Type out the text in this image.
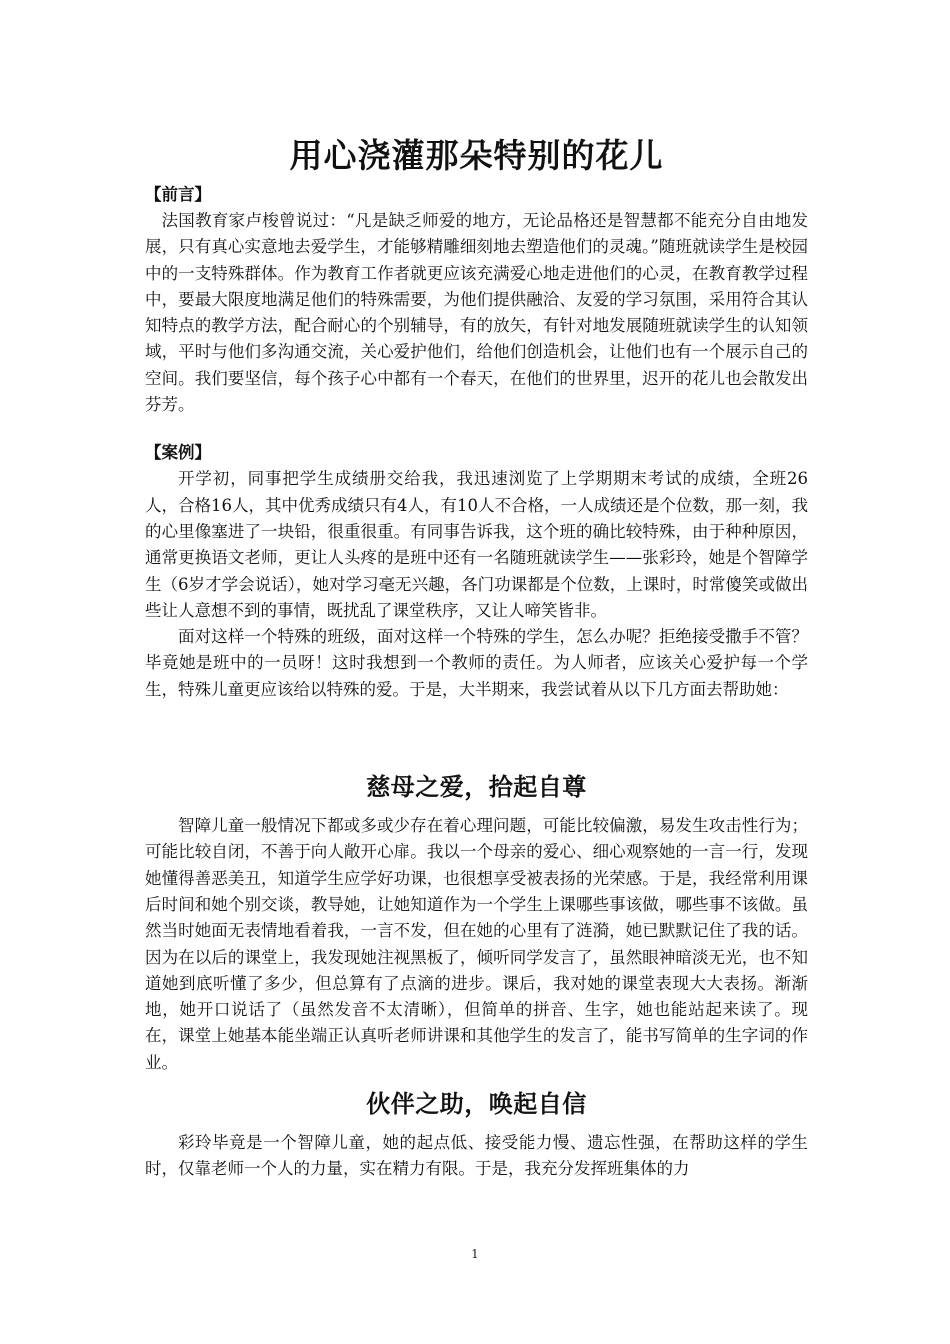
用心浇灌那朵特别的花儿

【前言】

法国教育家卢梭曾说过：“凡是缺乏师爱的地方，无论品格还是智慧都不能充分自由地发展，只有真心实意地去爱学生，才能够精雕细刻地去塑造他们的灵魂。”随班就读学生是校园中的一支特殊群体。作为教育工作者就更应该充满爱心地走进他们的心灵，在教育教学过程中，要最大限度地满足他们的特殊需要，为他们提供融洽、友爱的学习氛围，采用符合其认知特点的教学方法，配合耐心的个别辅导，有的放矢，有针对地发展随班就读学生的认知领域，平时与他们多沟通交流，关心爱护他们，给他们创造机会，让他们也有一个展示自己的空间。我们要坚信，每个孩子心中都有一个春天，在他们的世界里，迟开的花儿也会散发出芬芳。

【案例】

开学初，同事把学生成绩册交给我，我迅速浏览了上学期期末考试的成绩，全班26人，合格16人，其中优秀成绩只有4人，有10人不合格，一人成绩还是个位数，那一刻，我的心里像塞进了一块铅，很重很重。有同事告诉我，这个班的确比较特殊，由于种种原因，通常更换语文老师，更让人头疼的是班中还有一名随班就读学生——张彩玲，她是个智障学生（6岁才学会说话），她对学习毫无兴趣，各门功课都是个位数，上课时，时常傻笑或做出些让人意想不到的事情，既扰乱了课堂秩序，又让人啼笑皆非。

面对这样一个特殊的班级，面对这样一个特殊的学生，怎么办呢？拒绝接受撒手不管？毕竟她是班中的一员呀！这时我想到一个教师的责任。为人师者，应该关心爱护每一个学生，特殊儿童更应该给以特殊的爱。于是，大半期来，我尝试着从以下几方面去帮助她：

慈母之爱，拾起自尊

智障儿童一般情况下都或多或少存在着心理问题，可能比较偏激，易发生攻击性行为；可能比较自闭，不善于向人敞开心扉。我以一个母亲的爱心、细心观察她的一言一行，发现她懂得善恶美丑，知道学生应学好功课，也很想享受被表扬的光荣感。于是，我经常利用课后时间和她个别交谈，教导她，让她知道作为一个学生上课哪些事该做，哪些事不该做。虽然当时她面无表情地看着我，一言不发，但在她的心里有了涟漪，她已默默记住了我的话。因为在以后的课堂上，我发现她注视黑板了，倾听同学发言了，虽然眼神暗淡无光，也不知道她到底听懂了多少，但总算有了点滴的进步。课后，我对她的课堂表现大大表扬。渐渐地，她开口说话了（虽然发音不太清晰），但简单的拼音、生字，她也能站起来读了。现在，课堂上她基本能坐端正认真听老师讲课和其他学生的发言了，能书写简单的生字词的作业。

伙伴之助，唤起自信

彩玲毕竟是一个智障儿童，她的起点低、接受能力慢、遗忘性强，在帮助这样的学生时，仅靠老师一个人的力量，实在精力有限。于是，我充分发挥班集体的力

1
